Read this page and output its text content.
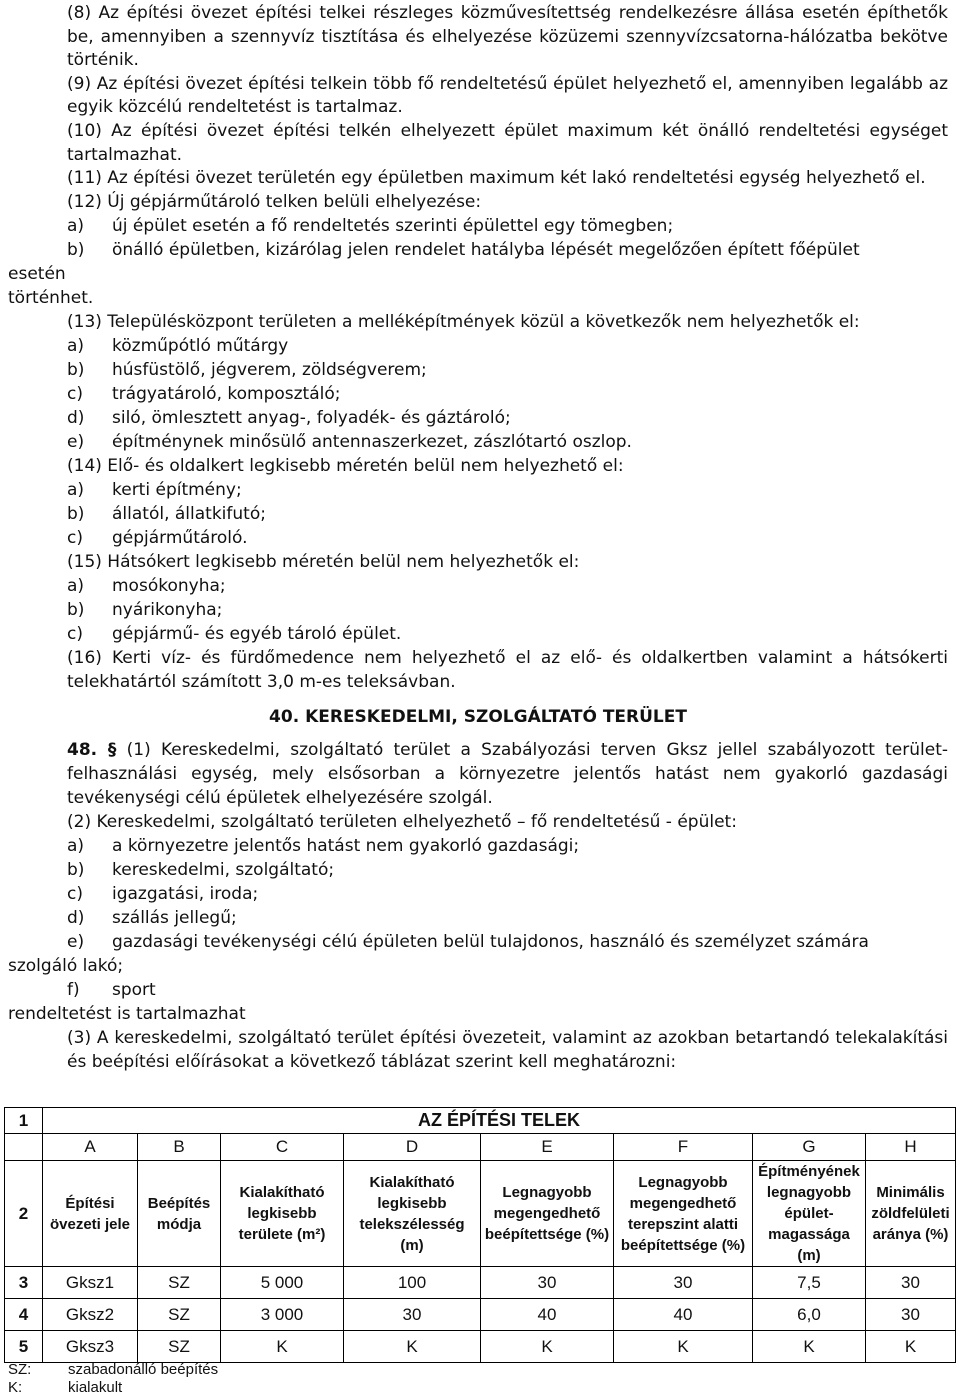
(8) Az építési övezet építési telkei részleges közművesítettség rendelkezésre állása esetén építhetők be, amennyiben a szennyvíz tisztítása és elhelyezése közüzemi szennyvízcsatorna-hálózatba bekötve történik.

(9) Az építési övezet építési telkein több fő rendeltetésű épület helyezhető el, amennyiben legalább az egyik közcélú rendeltetést is tartalmaz.

(10) Az építési övezet építési telkén elhelyezett épület maximum két önálló rendeltetési egységet tartalmazhat.

(11) Az építési övezet területén egy épületben maximum két lakó rendeltetési egység helyezhető el.

(12) Új gépjárműtároló telken belüli elhelyezése:

a)	új épület esetén a fő rendeltetés szerinti épülettel egy tömegben;
b)	önálló épületben, kizárólag jelen rendelet hatályba lépését megelőzően épített főépület

esetén

történhet.

(13) Településközpont területen a melléképítmények közül a következők nem helyezhetők el:

a)	közműpótló műtárgy
b)	húsfüstölő, jégverem, zöldségverem;
c)	trágyatároló, komposztáló;
d)	siló, ömlesztett anyag-, folyadék- és gáztároló;
e)	építménynek minősülő antennaszerkezet, zászlótartó oszlop.

(14) Elő- és oldalkert legkisebb méretén belül nem helyezhető el:

a)	kerti építmény;
b)	állatól, állatkifutó;
c)	gépjárműtároló.

(15) Hátsókert legkisebb méretén belül nem helyezhetők el:

a)	mosókonyha;
b)	nyárikonyha;
c)	gépjármű- és egyéb tároló épület.

(16) Kerti víz- és fürdőmedence nem helyezhető el az elő- és oldalkertben valamint a hátsókerti telekhatártól számított 3,0 m-es teleksávban.

40. KERESKEDELMI, SZOLGÁLTATÓ TERÜLET

48. § (1) Kereskedelmi, szolgáltató terület a Szabályozási terven Gksz jellel szabályozott terület-felhasználási egység, mely elsősorban a környezetre jelentős hatást nem gyakorló gazdasági tevékenységi célú épületek elhelyezésére szolgál.

(2) Kereskedelmi, szolgáltató területen elhelyezhető – fő rendeltetésű - épület:

a)	a környezetre jelentős hatást nem gyakorló gazdasági;
b)	kereskedelmi, szolgáltató;
c)	igazgatási, iroda;
d)	szállás jellegű;
e)	gazdasági tevékenységi célú épületen belül tulajdonos, használó és személyzet számára

szolgáló lakó;

f)	sport

rendeltetést is tartalmazhat

(3) A kereskedelmi, szolgáltató terület építési övezeteit, valamint az azokban betartandó telekalakítási és beépítési előírásokat a következő táblázat szerint kell meghatározni:

1	AZ ÉPÍTÉSI TELEK							
	A	B	C	D	E	F	G	H
2	Építési övezeti jele	Beépítés módja	Kialakítható legkisebb területe (m²)	Kialakítható legkisebb telekszélesség (m)	Legnagyobb megengedhető beépítettsége (%)	Legnagyobb megengedhető terepszint alatti beépítettsége (%)	Építményének legnagyobb épület-magassága (m)	Minimális zöldfelületi aránya (%)
3	Gksz1	SZ	5 000	100	30	30	7,5	30
4	Gksz2	SZ	3 000	30	40	40	6,0	30
5	Gksz3	SZ	K	K	K	K	K	K
SZ:	szabadonálló beépítés
K:	kialakult
